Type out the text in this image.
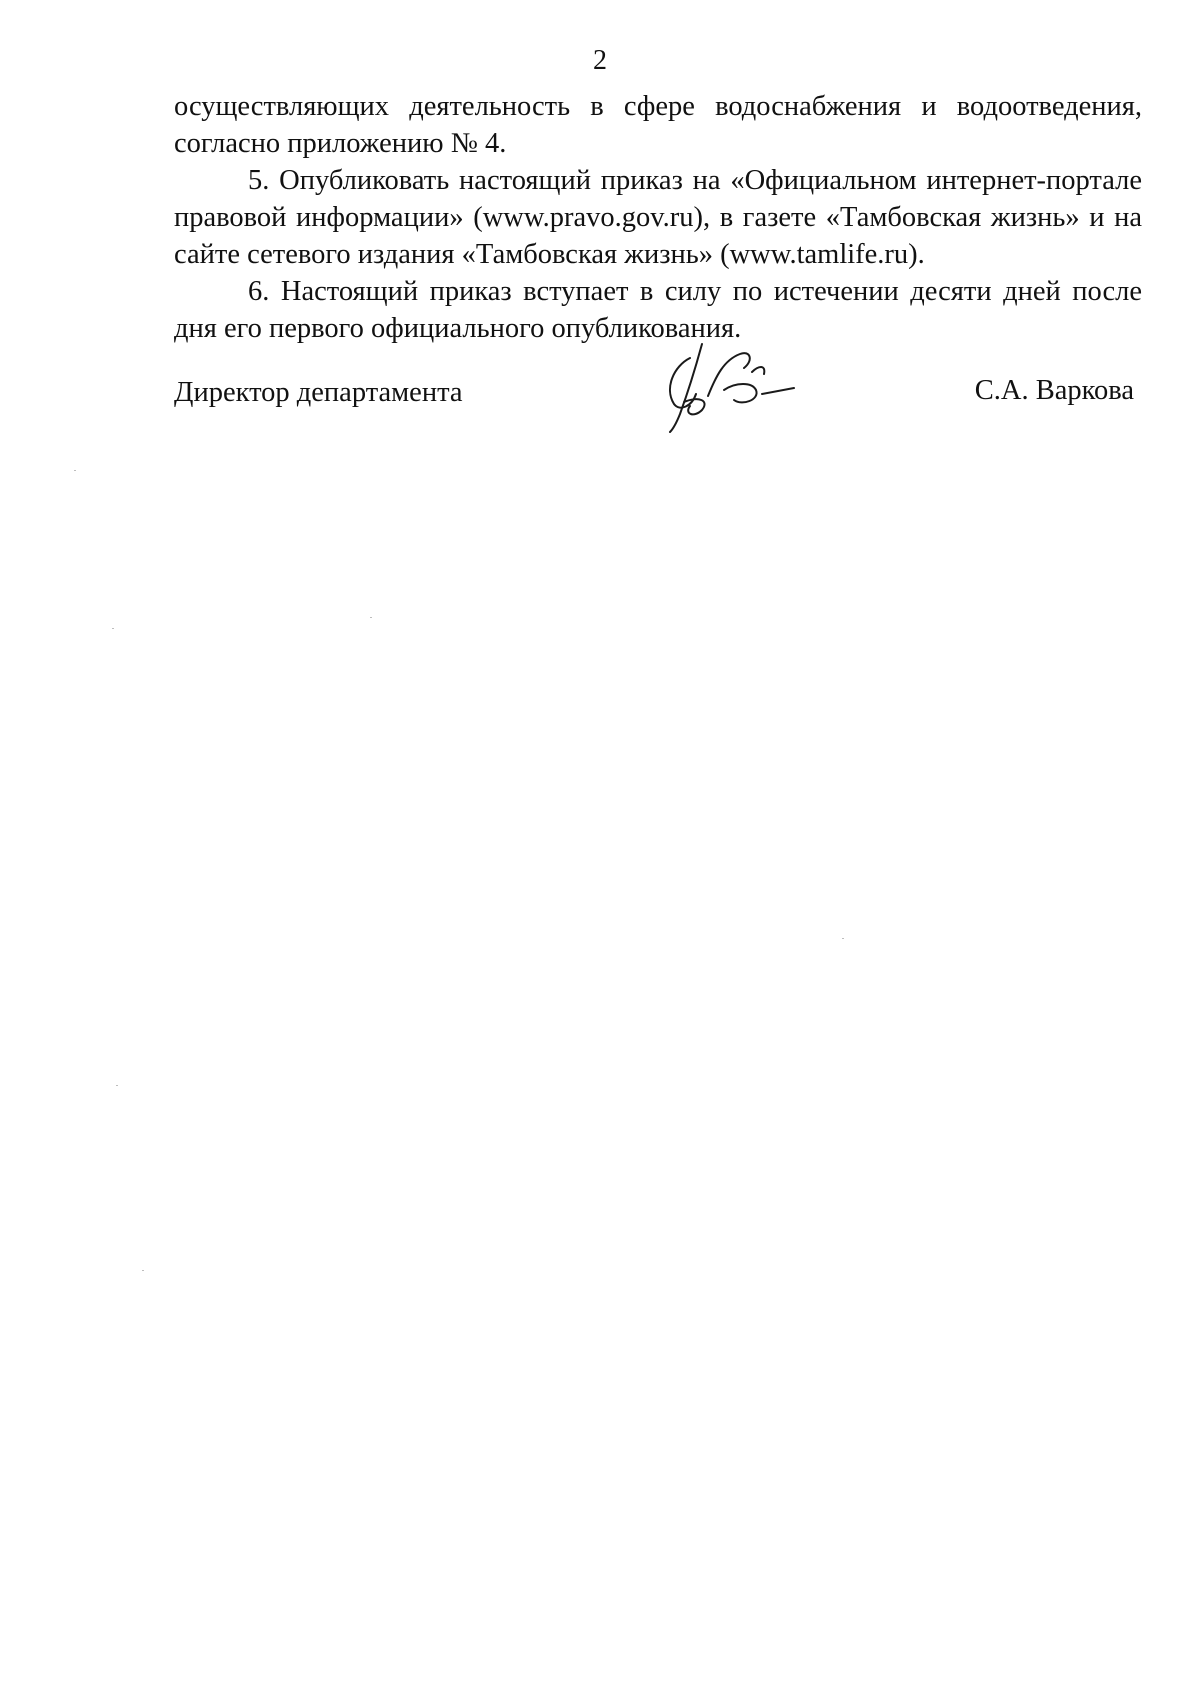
2

осуществляющих деятельность в сфере водоснабжения и водоотведения, согласно приложению № 4.

5. Опубликовать настоящий приказ на «Официальном интернет-портале правовой информации» (www.pravo.gov.ru), в газете «Тамбовская жизнь» и на сайте сетевого издания «Тамбовская жизнь» (www.tamlife.ru).

6. Настоящий приказ вступает в силу по истечении десяти дней после дня его первого официального опубликования.

Директор департамента	С.А. Варкова
